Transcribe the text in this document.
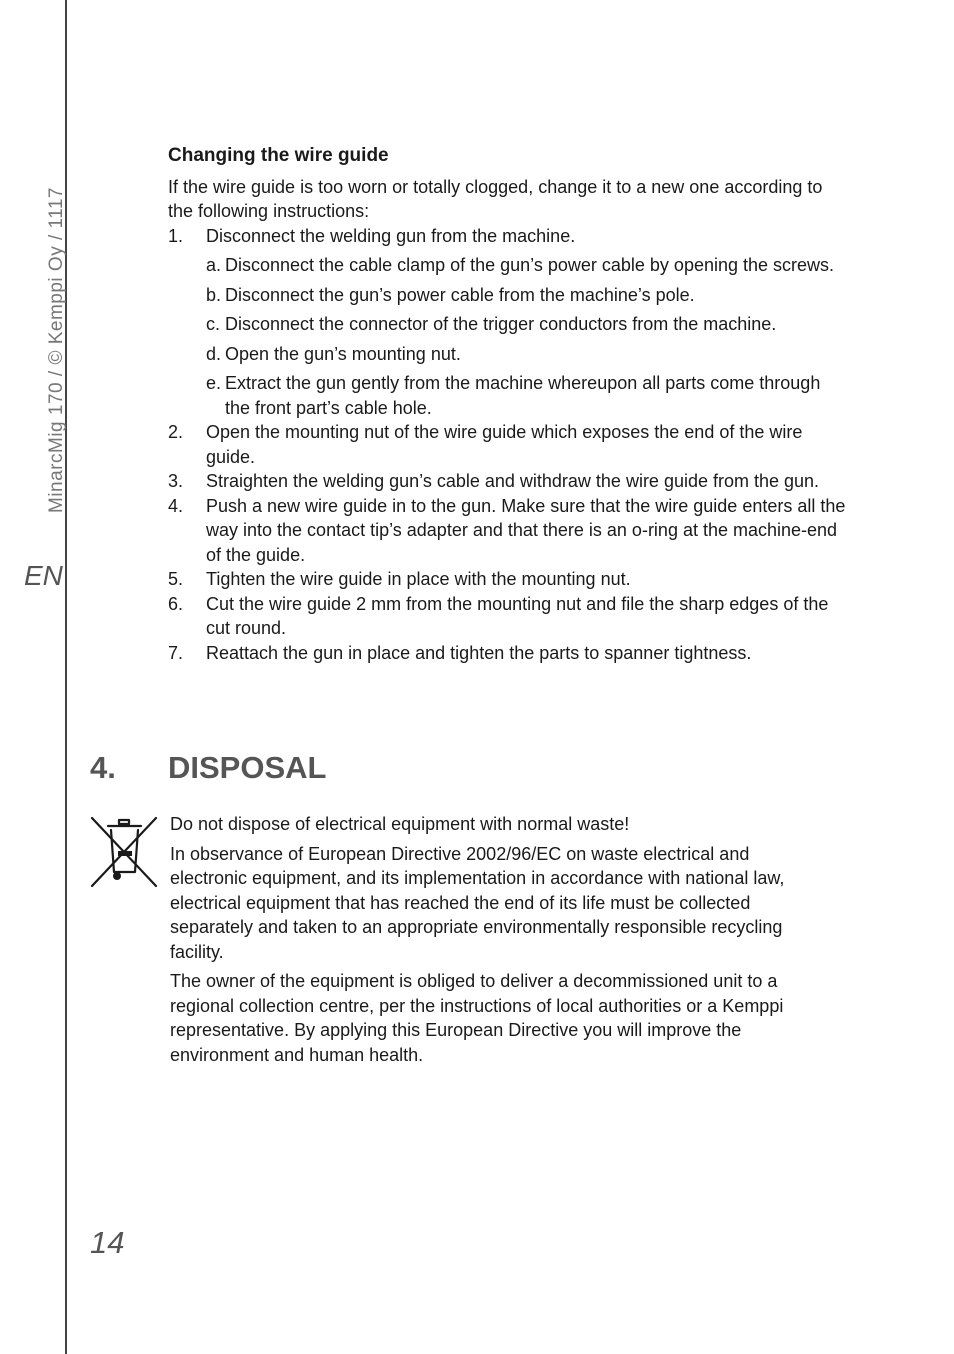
MinarcMig 170 / © Kemppi Oy / 1117
EN
Changing the wire guide

If the wire guide is too worn or totally clogged, change it to a new one according to the following instructions:

1. Disconnect the welding gun from the machine.
a. Disconnect the cable clamp of the gun’s power cable by opening the screws.
b. Disconnect the gun’s power cable from the machine’s pole.
c. Disconnect the connector of the trigger conductors from the machine.
d. Open the gun’s mounting nut.
e. Extract the gun gently from the machine whereupon all parts come through the front part’s cable hole.
2. Open the mounting nut of the wire guide which exposes the end of the wire guide.
3. Straighten the welding gun’s cable and withdraw the wire guide from the gun.
4. Push a new wire guide in to the gun. Make sure that the wire guide enters all the way into the contact tip’s adapter and that there is an o-ring at the machine-end of the guide.
5. Tighten the wire guide in place with the mounting nut.
6. Cut the wire guide 2 mm from the mounting nut and file the sharp edges of the cut round.
7. Reattach the gun in place and tighten the parts to spanner tightness.
4. DISPOSAL

Do not dispose of electrical equipment with normal waste!

In observance of European Directive 2002/96/EC on waste electrical and electronic equipment, and its implementation in accordance with national law, electrical equipment that has reached the end of its life must be collected separately and taken to an appropriate environmentally responsible recycling facility.

The owner of the equipment is obliged to deliver a decommissioned unit to a regional collection centre, per the instructions of local authorities or a Kemppi representative. By applying this European Directive you will improve the environment and human health.

14
